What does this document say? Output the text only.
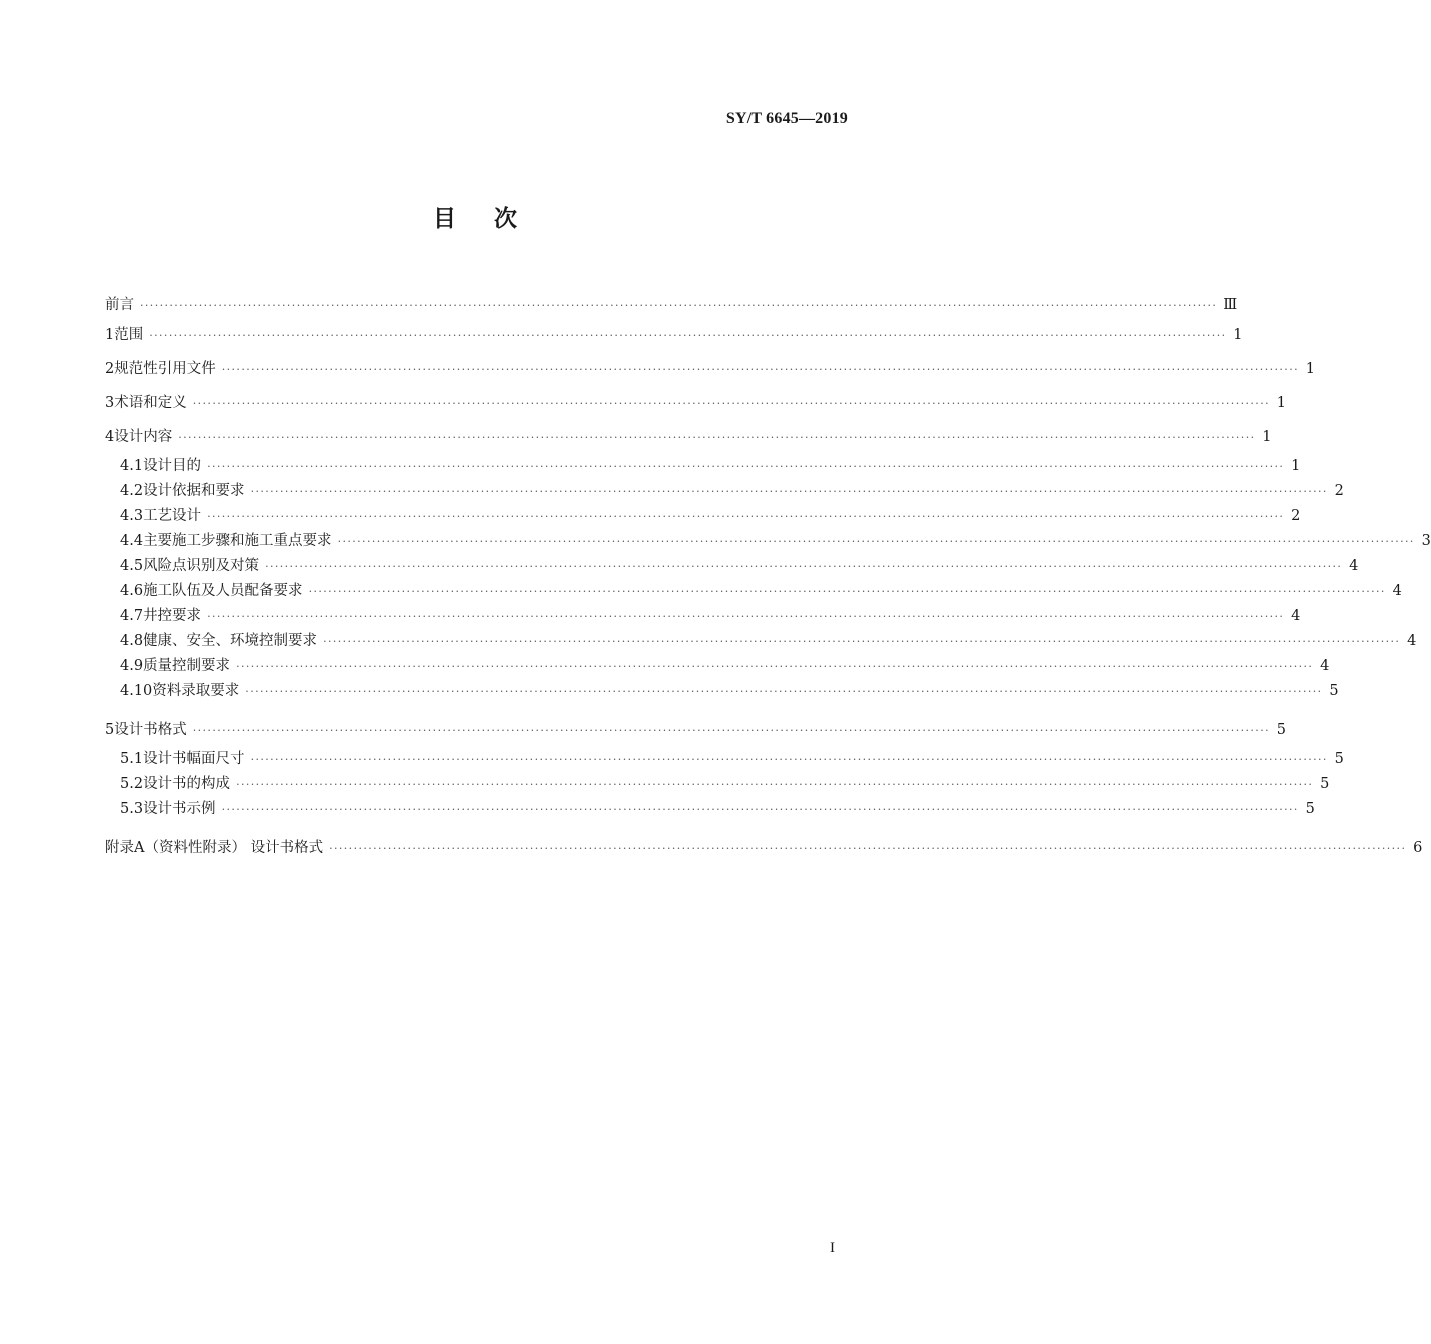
SY/T 6645—2019
目次
前言 ···························································································································································································································· Ⅲ
1 范围 ···························································································································································································································· 1
2 规范性引用文件 ···························································································································································································································· 1
3 术语和定义 ···························································································································································································································· 1
4 设计内容 ···························································································································································································································· 1
4.1 设计目的 ···························································································································································································································· 1
4.2 设计依据和要求 ···························································································································································································································· 2
4.3 工艺设计 ···························································································································································································································· 2
4.4 主要施工步骤和施工重点要求 ···························································································································································································································· 3
4.5 风险点识别及对策 ···························································································································································································································· 4
4.6 施工队伍及人员配备要求 ···························································································································································································································· 4
4.7 井控要求 ···························································································································································································································· 4
4.8 健康、安全、环境控制要求 ···························································································································································································································· 4
4.9 质量控制要求 ···························································································································································································································· 4
4.10 资料录取要求 ···························································································································································································································· 5
5 设计书格式 ···························································································································································································································· 5
5.1 设计书幅面尺寸 ···························································································································································································································· 5
5.2 设计书的构成 ···························································································································································································································· 5
5.3 设计书示例 ···························································································································································································································· 5
附录A（资料性附录） 设计书格式 ···························································································································································································································· 6
I
